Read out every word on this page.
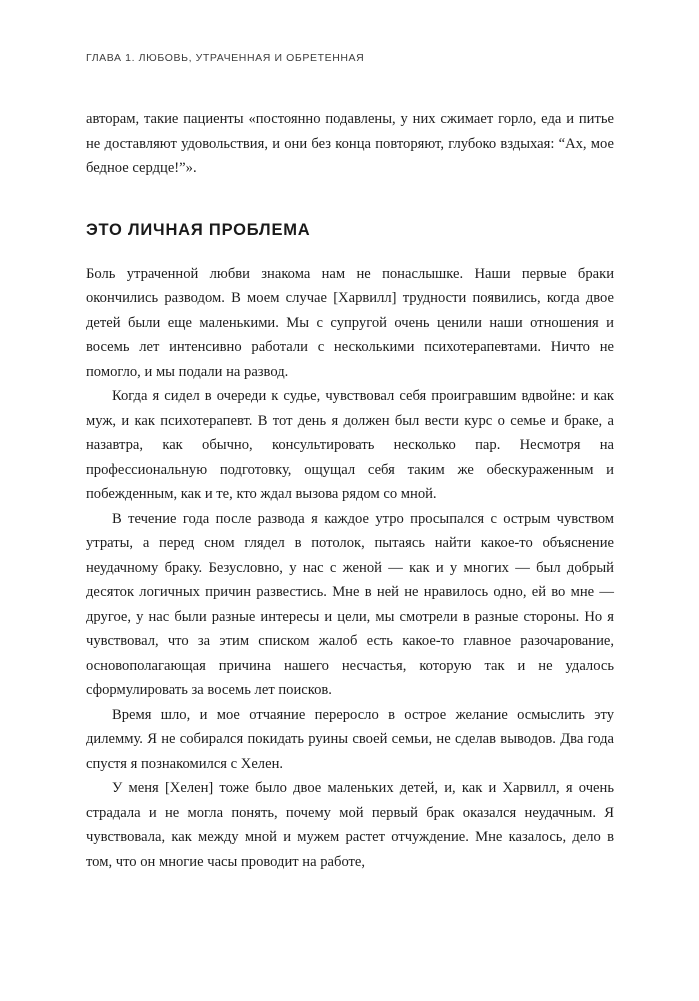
ГЛАВА 1. ЛЮБОВЬ, УТРАЧЕННАЯ И ОБРЕТЕННАЯ

авторам, такие пациенты «постоянно подавлены, у них сжимает горло, еда и питье не доставляют удовольствия, и они без конца повторяют, глубоко вздыхая: “Ах, мое бедное сердце!”».

ЭТО ЛИЧНАЯ ПРОБЛЕМА

Боль утраченной любви знакома нам не понаслышке. Наши первые браки окончились разводом. В моем случае [Харвилл] трудности появились, когда двое детей были еще маленькими. Мы с супругой очень ценили наши отношения и восемь лет интенсивно работали с несколькими психотерапевтами. Ничто не помогло, и мы подали на развод.

Когда я сидел в очереди к судье, чувствовал себя проигравшим вдвойне: и как муж, и как психотерапевт. В тот день я должен был вести курс о семье и браке, а назавтра, как обычно, консультировать несколько пар. Несмотря на профессиональную подготовку, ощущал себя таким же обескураженным и побежденным, как и те, кто ждал вызова рядом со мной.

В течение года после развода я каждое утро просыпался с острым чувством утраты, а перед сном глядел в потолок, пытаясь найти какое-то объяснение неудачному браку. Безусловно, у нас с женой — как и у многих — был добрый десяток логичных причин развестись. Мне в ней не нравилось одно, ей во мне — другое, у нас были разные интересы и цели, мы смотрели в разные стороны. Но я чувствовал, что за этим списком жалоб есть какое-то главное разочарование, основополагающая причина нашего несчастья, которую так и не удалось сформулировать за восемь лет поисков.

Время шло, и мое отчаяние переросло в острое желание осмыслить эту дилемму. Я не собирался покидать руины своей семьи, не сделав выводов. Два года спустя я познакомился с Хелен.

У меня [Хелен] тоже было двое маленьких детей, и, как и Харвилл, я очень страдала и не могла понять, почему мой первый брак оказался неудачным. Я чувствовала, как между мной и мужем растет отчуждение. Мне казалось, дело в том, что он многие часы проводит на работе,
